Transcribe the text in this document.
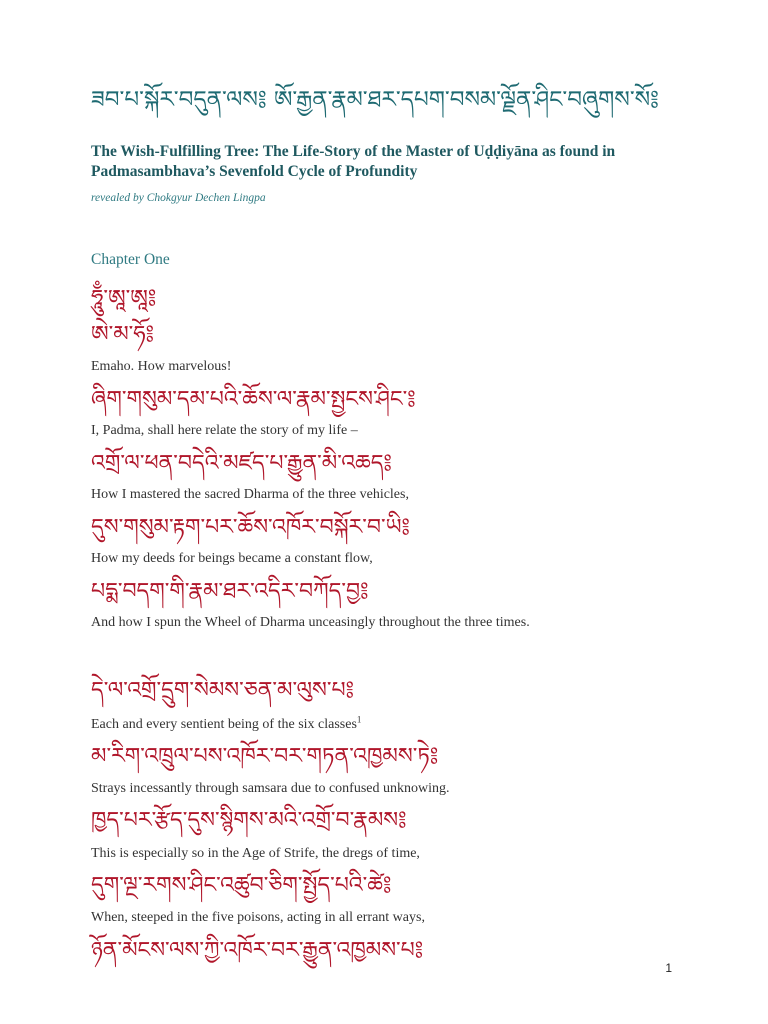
ཟབ་པ་སྐོར་བདུན་ལས༔ ཨོ་རྒྱན་རྣམ་ཐར་དཔག་བསམ་ལྗོན་ཤིང་བཞུགས་སོ༔
The Wish-Fulfilling Tree: The Life-Story of the Master of Uḍḍiyāna as found in Padmasambhava’s Sevenfold Cycle of Profundity
revealed by Chokgyur Dechen Lingpa
Chapter One
ཧཱུྃ་ཨཱ་ཨཱ༔
ཨེ་མ་ཧོ༔
Emaho. How marvelous!
ཞིག་གསུམ་དམ་པའི་ཆོས་ལ་རྣམ་སྤྱངས་ཤིང་༔
I, Padma, shall here relate the story of my life –
འགྲོ་ལ་ཕན་བདེའི་མཛད་པ་རྒྱུན་མི་འཆད༔
How I mastered the sacred Dharma of the three vehicles,
དུས་གསུམ་རྟག་པར་ཆོས་འཁོར་བསྐོར་བ་ཡི༔
How my deeds for beings became a constant flow,
པདྨ་བདག་གི་རྣམ་ཐར་འདིར་བཀོད་བྱ༔
And how I spun the Wheel of Dharma unceasingly throughout the three times.
དེ་ལ་འགྲོ་དྲུག་སེམས་ཅན་མ་ལུས་པ༔
Each and every sentient being of the six classes$^1$
མ་རིག་འཁྲུལ་པས་འཁོར་བར་གཏན་འཁྱམས་ཏེ༔
Strays incessantly through samsara due to confused unknowing.
ཁྱད་པར་རྩོད་དུས་སྙིགས་མའི་འགྲོ་བ་རྣམས༔
This is especially so in the Age of Strife, the dregs of time,
དུག་ལྔ་རགས་ཤིང་འཚུབ་ཅིག་སྤྱོད་པའི་ཚེ༔
When, steeped in the five poisons, acting in all errant ways,
ཉོན་མོངས་ལས་ཀྱི་འཁོར་བར་རྒྱུན་འཁྱམས་པ༔
1
